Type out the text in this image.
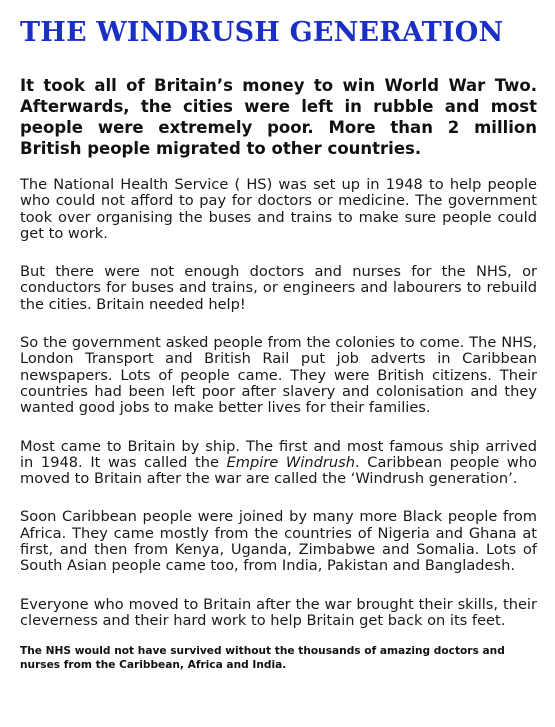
THE WINDRUSH GENERATION

It took all of Britain’s money to win World War Two. Afterwards, the cities were left in rubble and most people were extremely poor. More than 2 million British people migrated to other countries.

The National Health Service ( HS) was set up in 1948 to help people who could not afford to pay for doctors or medicine. The government took over organising the buses and trains to make sure people could get to work.

But there were not enough doctors and nurses for the NHS, or conductors for buses and trains, or engineers and labourers to rebuild the cities. Britain needed help!

So the government asked people from the colonies to come. The NHS, London Transport and British Rail put job adverts in Caribbean newspapers. Lots of people came. They were British citizens. Their countries had been left poor after slavery and colonisation and they wanted good jobs to make better lives for their families.

Most came to Britain by ship. The first and most famous ship arrived in 1948. It was called the Empire Windrush. Caribbean people who moved to Britain after the war are called the ‘Windrush generation’.

Soon Caribbean people were joined by many more Black people from Africa. They came mostly from the countries of Nigeria and Ghana at first, and then from Kenya, Uganda, Zimbabwe and Somalia. Lots of South Asian people came too, from India, Pakistan and Bangladesh.

Everyone who moved to Britain after the war brought their skills, their cleverness and their hard work to help Britain get back on its feet.

The NHS would not have survived without the thousands of amazing doctors and nurses from the Caribbean, Africa and India.
